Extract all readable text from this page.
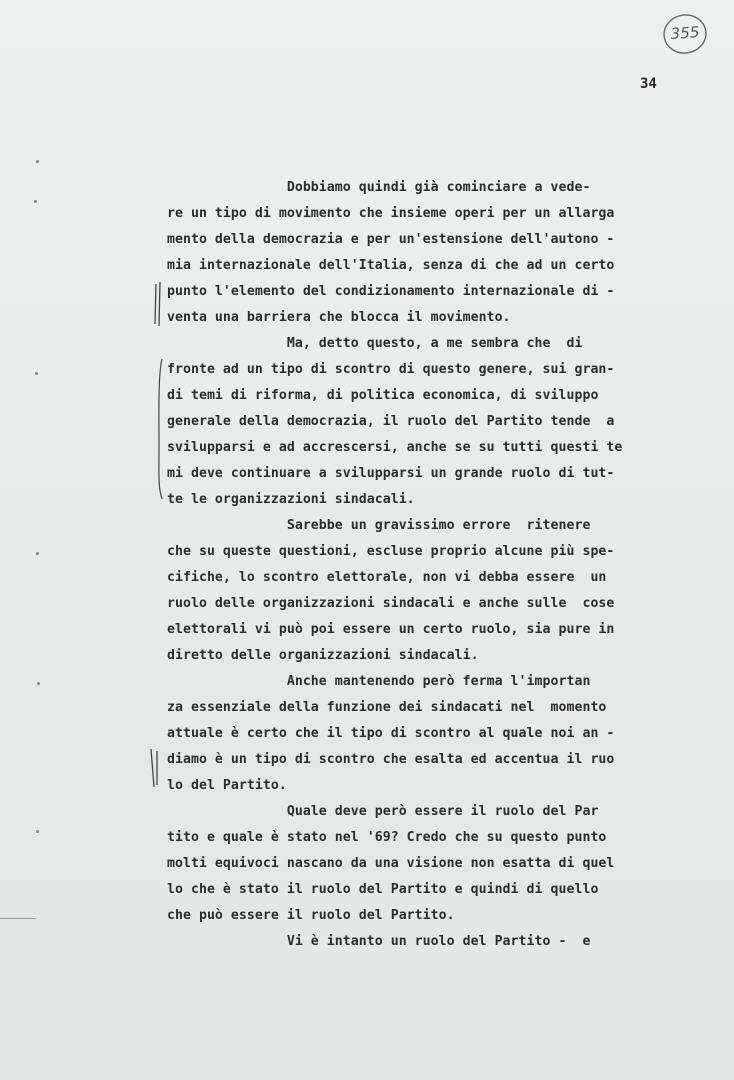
355
34
Dobbiamo quindi già cominciare a vede-
re un tipo di movimento che insieme operi per un allarga
mento della democrazia e per un'estensione dell'autono -
mia internazionale dell'Italia, senza di che ad un certo
punto l'elemento del condizionamento internazionale di -
venta una barriera che blocca il movimento.
Ma, detto questo, a me sembra che  di
fronte ad un tipo di scontro di questo genere, sui gran-
di temi di riforma, di politica economica, di sviluppo
generale della democrazia, il ruolo del Partito tende  a
svilupparsi e ad accrescersi, anche se su tutti questi te
mi deve continuare a svilupparsi un grande ruolo di tut-
te le organizzazioni sindacali.
Sarebbe un gravissimo errore  ritenere
che su queste questioni, escluse proprio alcune più spe-
cifiche, lo scontro elettorale, non vi debba essere  un
ruolo delle organizzazioni sindacali e anche sulle  cose
elettorali vi può poi essere un certo ruolo, sia pure in
diretto delle organizzazioni sindacali.
Anche mantenendo però ferma l'importan
za essenziale della funzione dei sindacati nel  momento
attuale è certo che il tipo di scontro al quale noi an -
diamo è un tipo di scontro che esalta ed accentua il ruo
lo del Partito.
Quale deve però essere il ruolo del Par
tito e quale è stato nel '69? Credo che su questo punto
molti equivoci nascano da una visione non esatta di quel
lo che è stato il ruolo del Partito e quindi di quello
che può essere il ruolo del Partito.
Vi è intanto un ruolo del Partito -  e
